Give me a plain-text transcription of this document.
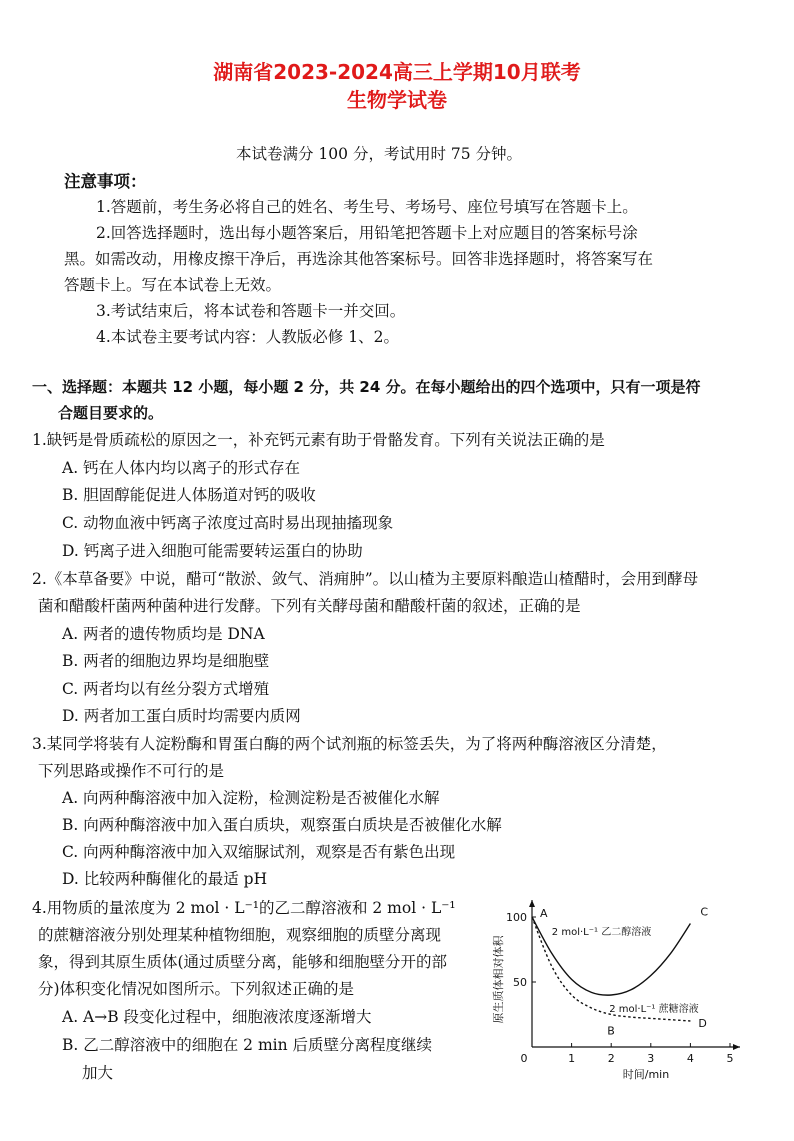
湖南省2023-2024高三上学期10月联考
生物学试卷
本试卷满分 100 分，考试用时 75 分钟。
注意事项：
1.答题前，考生务必将自己的姓名、考生号、考场号、座位号填写在答题卡上。
2.回答选择题时，选出每小题答案后，用铅笔把答题卡上对应题目的答案标号涂
黑。如需改动，用橡皮擦干净后，再选涂其他答案标号。回答非选择题时，将答案写在
答题卡上。写在本试卷上无效。
3.考试结束后，将本试卷和答题卡一并交回。
4.本试卷主要考试内容：人教版必修 1、2。
一、选择题：本题共 12 小题，每小题 2 分，共 24 分。在每小题给出的四个选项中，只有一项是符
合题目要求的。
1.缺钙是骨质疏松的原因之一，补充钙元素有助于骨骼发育。下列有关说法正确的是
A. 钙在人体内均以离子的形式存在
B. 胆固醇能促进人体肠道对钙的吸收
C. 动物血液中钙离子浓度过高时易出现抽搐现象
D. 钙离子进入细胞可能需要转运蛋白的协助
2.《本草备要》中说，醋可“散淤、敛气、消痈肿”。以山楂为主要原料酿造山楂醋时，会用到酵母
菌和醋酸杆菌两种菌种进行发酵。下列有关酵母菌和醋酸杆菌的叙述，正确的是
A. 两者的遗传物质均是 DNA
B. 两者的细胞边界均是细胞壁
C. 两者均以有丝分裂方式增殖
D. 两者加工蛋白质时均需要内质网
3.某同学将装有人淀粉酶和胃蛋白酶的两个试剂瓶的标签丢失，为了将两种酶溶液区分清楚，
下列思路或操作不可行的是
A. 向两种酶溶液中加入淀粉，检测淀粉是否被催化水解
B. 向两种酶溶液中加入蛋白质块，观察蛋白质块是否被催化水解
C. 向两种酶溶液中加入双缩脲试剂，观察是否有紫色出现
D. 比较两种酶催化的最适 pH
4.用物质的量浓度为 2 mol · L⁻¹的乙二醇溶液和 2 mol · L⁻¹
的蔗糖溶液分别处理某种植物细胞，观察细胞的质壁分离现
象，得到其原生质体(通过质壁分离，能够和细胞壁分开的部
分)体积变化情况如图所示。下列叙述正确的是
A. A→B 段变化过程中，细胞液浓度逐渐增大
B. 乙二醇溶液中的细胞在 2 min 后质壁分离程度继续
加大
0	1	2	3	4	5
50
100
时间/min
原生质体相对体积
2 mol·L⁻¹ 乙二醇溶液
2 mol·L⁻¹ 蔗糖溶液
A
B
C
D
